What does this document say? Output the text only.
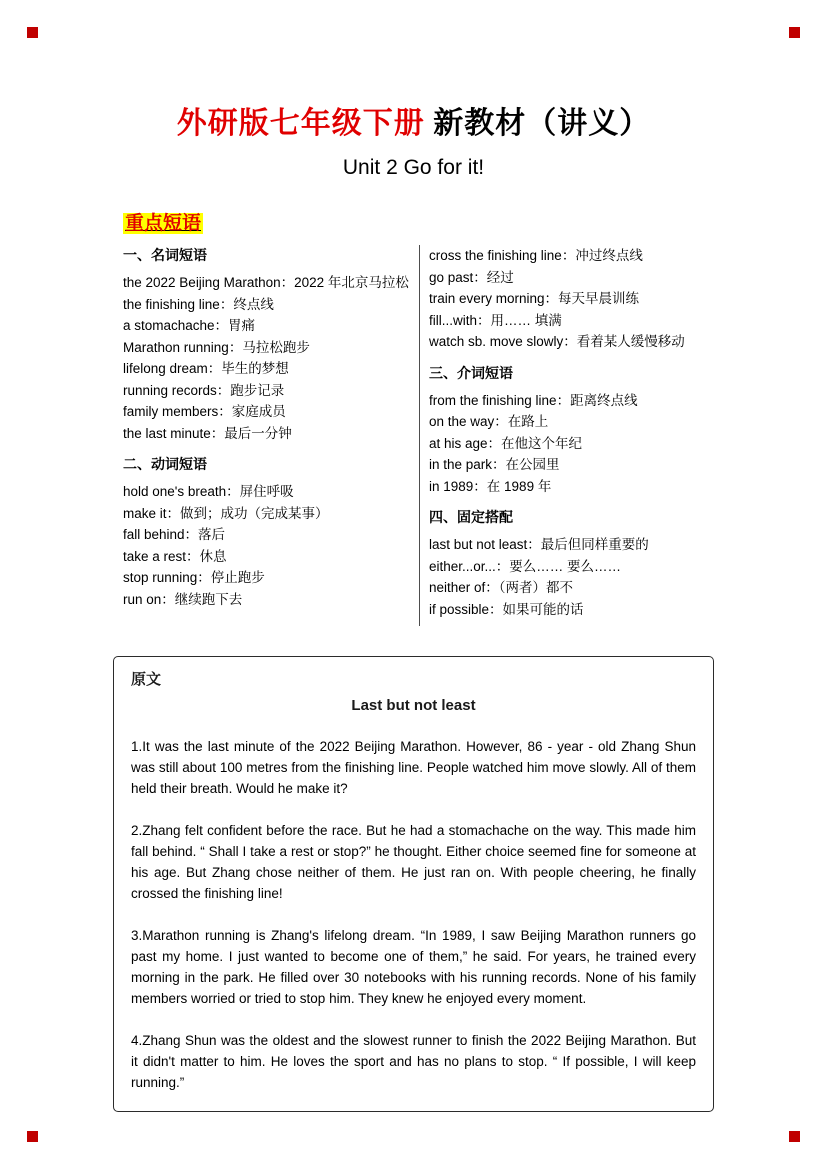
外研版七年级下册 新教材（讲义）
Unit 2 Go for it!
重点短语
一、名词短语
the 2022 Beijing Marathon：2022 年北京马拉松
the finishing line：终点线
a stomachache：胃痛
Marathon running：马拉松跑步
lifelong dream：毕生的梦想
running records：跑步记录
family members：家庭成员
the last minute：最后一分钟
二、动词短语
hold one's breath：屏住呼吸
make it：做到；成功（完成某事）
fall behind：落后
take a rest：休息
stop running：停止跑步
run on：继续跑下去
cross the finishing line：冲过终点线
go past：经过
train every morning：每天早晨训练
fill...with：用…… 填满
watch sb. move slowly：看着某人缓慢移动
三、介词短语
from the finishing line：距离终点线
on the way：在路上
at his age：在他这个年纪
in the park：在公园里
in 1989：在 1989 年
四、固定搭配
last but not least：最后但同样重要的
either...or...：要么…… 要么……
neither of：（两者）都不
if possible：如果可能的话
原文
Last but not least

1.It was the last minute of the 2022 Beijing Marathon. However, 86 - year - old Zhang Shun was still about 100 metres from the finishing line. People watched him move slowly. All of them held their breath. Would he make it?

2.Zhang felt confident before the race. But he had a stomachache on the way. This made him fall behind. “ Shall I take a rest or stop?” he thought. Either choice seemed fine for someone at his age. But Zhang chose neither of them. He just ran on. With people cheering, he finally crossed the finishing line!

3.Marathon running is Zhang's lifelong dream. “In 1989, I saw Beijing Marathon runners go past my home. I just wanted to become one of them,” he said. For years, he trained every morning in the park. He filled over 30 notebooks with his running records. None of his family members worried or tried to stop him. They knew he enjoyed every moment.

4.Zhang Shun was the oldest and the slowest runner to finish the 2022 Beijing Marathon. But it didn't matter to him. He loves the sport and has no plans to stop. “ If possible, I will keep running.”
